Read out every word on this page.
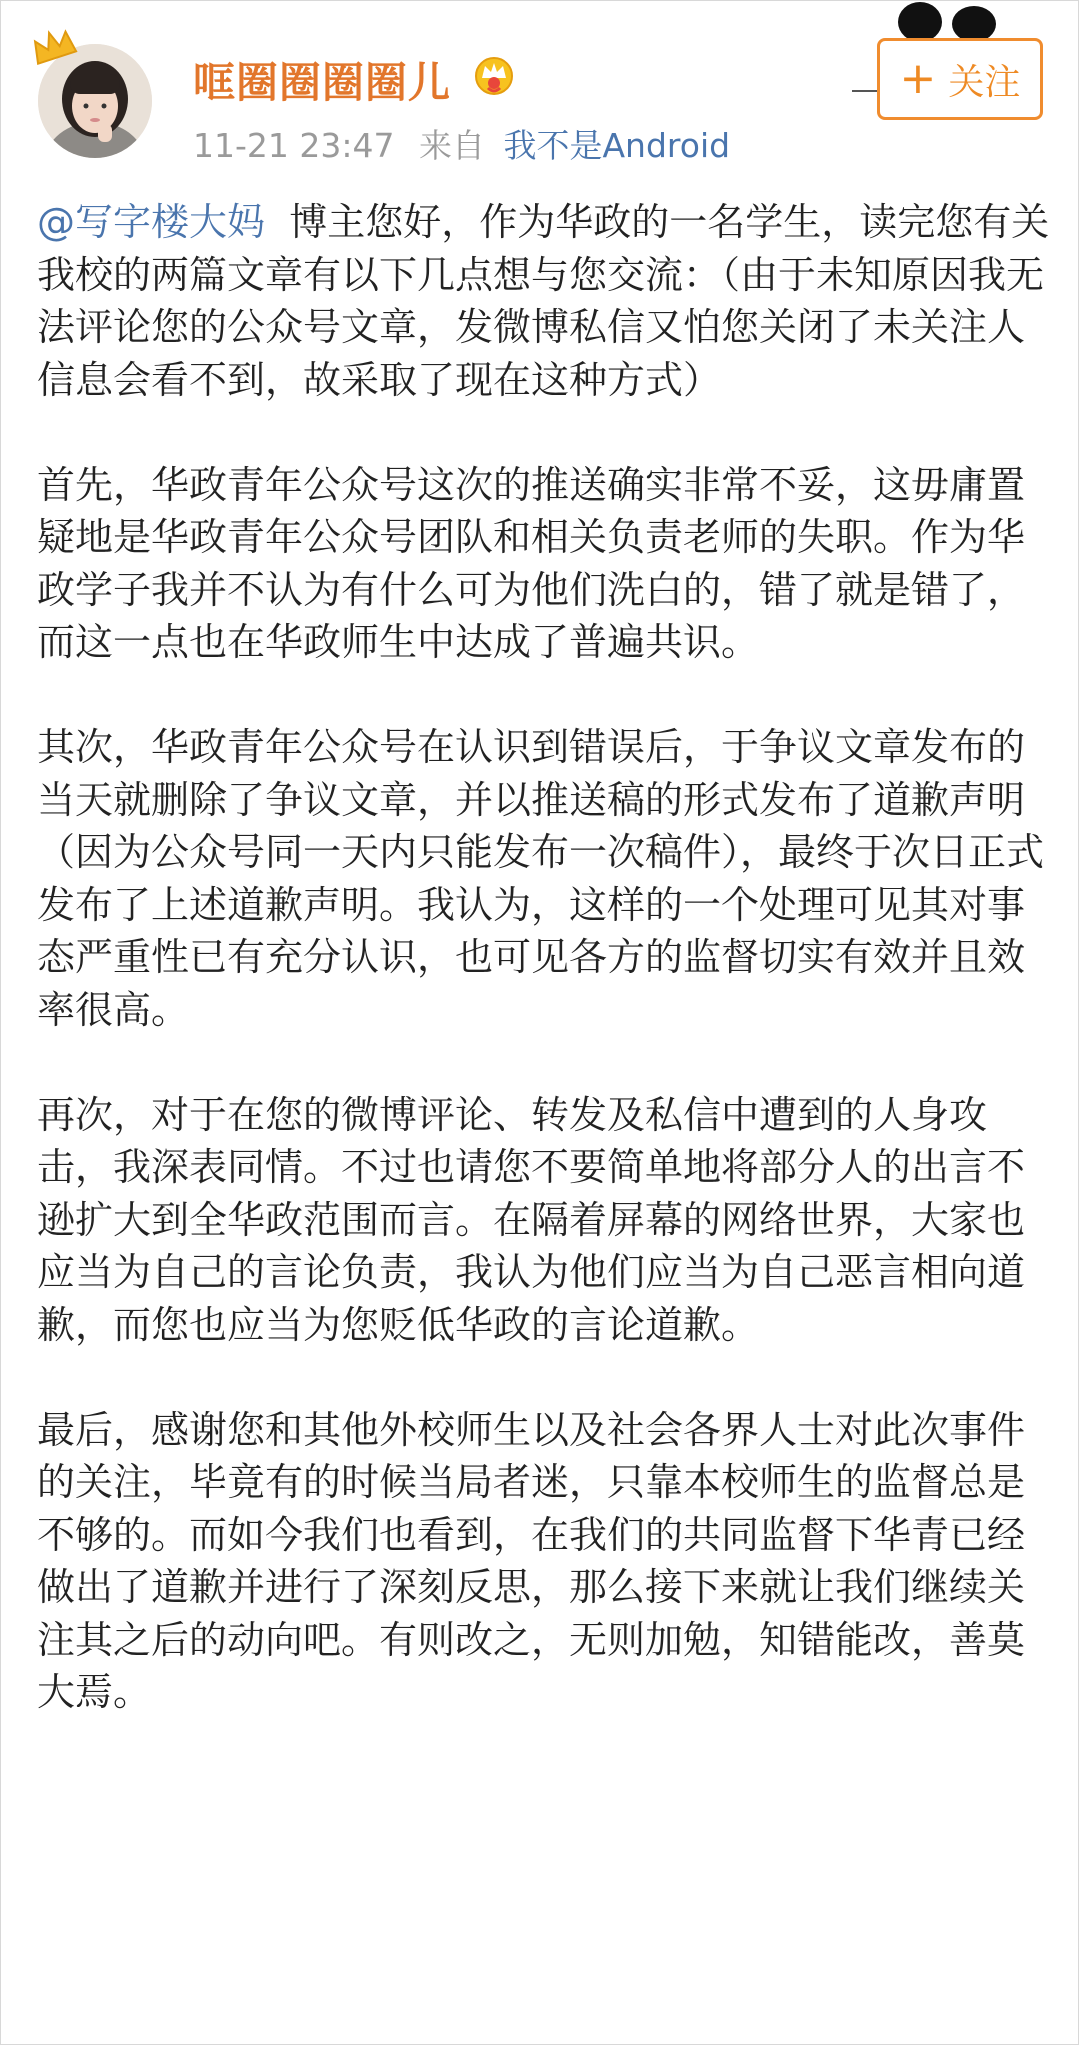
哐圈圈圈圈儿
11-21 23:47 来自 我不是Android
+ 关注

@写字楼大妈 博主您好，作为华政的一名学生，读完您有关我校的两篇文章有以下几点想与您交流：（由于未知原因我无法评论您的公众号文章，发微博私信又怕您关闭了未关注人信息会看不到，故采取了现在这种方式）

首先，华政青年公众号这次的推送确实非常不妥，这毋庸置疑地是华政青年公众号团队和相关负责老师的失职。作为华政学子我并不认为有什么可为他们洗白的，错了就是错了，而这一点也在华政师生中达成了普遍共识。

其次，华政青年公众号在认识到错误后，于争议文章发布的当天就删除了争议文章，并以推送稿的形式发布了道歉声明（因为公众号同一天内只能发布一次稿件），最终于次日正式发布了上述道歉声明。我认为，这样的一个处理可见其对事态严重性已有充分认识，也可见各方的监督切实有效并且效率很高。

再次，对于在您的微博评论、转发及私信中遭到的人身攻击，我深表同情。不过也请您不要简单地将部分人的出言不逊扩大到全华政范围而言。在隔着屏幕的网络世界，大家也应当为自己的言论负责，我认为他们应当为自己恶言相向道歉，而您也应当为您贬低华政的言论道歉。

最后，感谢您和其他外校师生以及社会各界人士对此次事件的关注，毕竟有的时候当局者迷，只靠本校师生的监督总是不够的。而如今我们也看到，在我们的共同监督下华青已经做出了道歉并进行了深刻反思，那么接下来就让我们继续关注其之后的动向吧。有则改之，无则加勉，知错能改，善莫大焉。
